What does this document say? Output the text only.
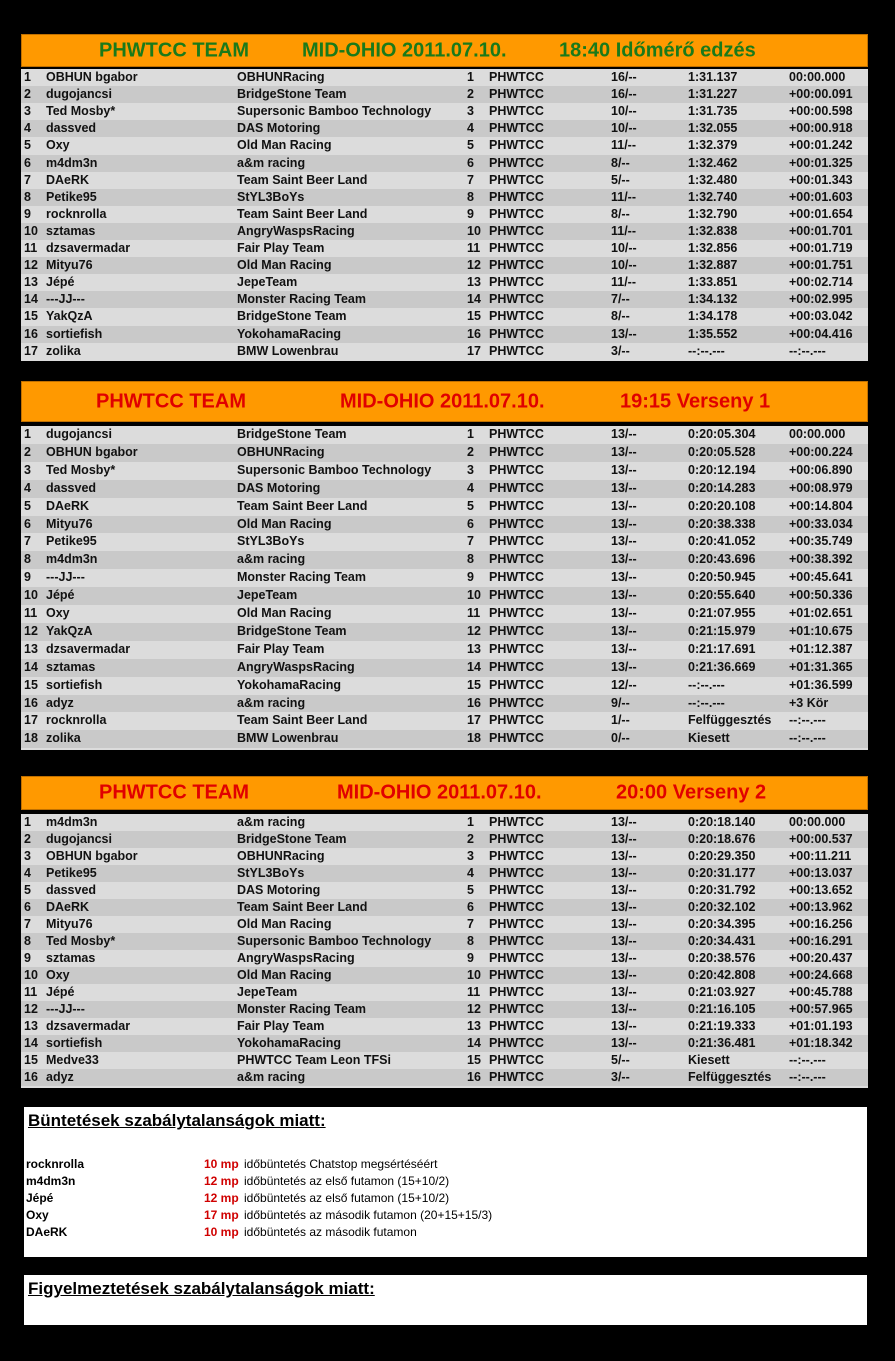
PHWTCC TEAM

	MID-OHIO 2011.07.10.

	18:40 Időmérő edzés

1 OBHUN bgabor	OBHUNRacing	1 PHWTCC	16/--	1:31.137	00:00.000
2 dugojancsi	BridgeStone Team	2 PHWTCC	16/--	1:31.227	+00:00.091
3 Ted Mosby*	Supersonic Bamboo Technology	3 PHWTCC	10/--	1:31.735	+00:00.598
4 dassved	DAS Motoring	4 PHWTCC	10/--	1:32.055	+00:00.918
5 Oxy	Old Man Racing	5 PHWTCC	11/--	1:32.379	+00:01.242
6 m4dm3n	a&m racing	6 PHWTCC	8/--	1:32.462	+00:01.325
7 DAeRK	Team Saint Beer Land	7 PHWTCC	5/--	1:32.480	+00:01.343
8 Petike95	StYL3BoYs	8 PHWTCC	11/--	1:32.740	+00:01.603
9 rocknrolla	Team Saint Beer Land	9 PHWTCC	8/--	1:32.790	+00:01.654
10 sztamas	AngryWaspsRacing	10 PHWTCC	11/--	1:32.838	+00:01.701
11 dzsavermadar	Fair Play Team	11 PHWTCC	10/--	1:32.856	+00:01.719
12 Mityu76	Old Man Racing	12 PHWTCC	10/--	1:32.887	+00:01.751
13 Jépé	JepeTeam	13 PHWTCC	11/--	1:33.851	+00:02.714
14 ---JJ---	Monster Racing Team	14 PHWTCC	7/--	1:34.132	+00:02.995
15 YakQzA	BridgeStone Team	15 PHWTCC	8/--	1:34.178	+00:03.042
16 sortiefish	YokohamaRacing	16 PHWTCC	13/--	1:35.552	+00:04.416
17 zolika	BMW Lowenbrau	17 PHWTCC	3/--	--:--.---	--:--.---

PHWTCC TEAM

	MID-OHIO 2011.07.10.

	19:15 Verseny 1

1 dugojancsi	BridgeStone Team	1 PHWTCC	13/--	0:20:05.304	00:00.000
2 OBHUN bgabor	OBHUNRacing	2 PHWTCC	13/--	0:20:05.528	+00:00.224
3 Ted Mosby*	Supersonic Bamboo Technology	3 PHWTCC	13/--	0:20:12.194	+00:06.890
4 dassved	DAS Motoring	4 PHWTCC	13/--	0:20:14.283	+00:08.979
5 DAeRK	Team Saint Beer Land	5 PHWTCC	13/--	0:20:20.108	+00:14.804
6 Mityu76	Old Man Racing	6 PHWTCC	13/--	0:20:38.338	+00:33.034
7 Petike95	StYL3BoYs	7 PHWTCC	13/--	0:20:41.052	+00:35.749
8 m4dm3n	a&m racing	8 PHWTCC	13/--	0:20:43.696	+00:38.392
9 ---JJ---	Monster Racing Team	9 PHWTCC	13/--	0:20:50.945	+00:45.641
10 Jépé	JepeTeam	10 PHWTCC	13/--	0:20:55.640	+00:50.336
11 Oxy	Old Man Racing	11 PHWTCC	13/--	0:21:07.955	+01:02.651
12 YakQzA	BridgeStone Team	12 PHWTCC	13/--	0:21:15.979	+01:10.675
13 dzsavermadar	Fair Play Team	13 PHWTCC	13/--	0:21:17.691	+01:12.387
14 sztamas	AngryWaspsRacing	14 PHWTCC	13/--	0:21:36.669	+01:31.365
15 sortiefish	YokohamaRacing	15 PHWTCC	12/--	--:--.---	+01:36.599
16 adyz	a&m racing	16 PHWTCC	9/--	--:--.---	+3 Kör
17 rocknrolla	Team Saint Beer Land	17 PHWTCC	1/--	Felfüggesztés --:--.---
18 zolika	BMW Lowenbrau	18 PHWTCC	0/--	Kiesett	--:--.---

PHWTCC TEAM

	MID-OHIO 2011.07.10.

	20:00 Verseny 2

1 m4dm3n	a&m racing	1 PHWTCC	13/--	0:20:18.140	00:00.000
2 dugojancsi	BridgeStone Team	2 PHWTCC	13/--	0:20:18.676	+00:00.537
3 OBHUN bgabor	OBHUNRacing	3 PHWTCC	13/--	0:20:29.350	+00:11.211
4 Petike95	StYL3BoYs	4 PHWTCC	13/--	0:20:31.177	+00:13.037
5 dassved	DAS Motoring	5 PHWTCC	13/--	0:20:31.792	+00:13.652
6 DAeRK	Team Saint Beer Land	6 PHWTCC	13/--	0:20:32.102	+00:13.962
7 Mityu76	Old Man Racing	7 PHWTCC	13/--	0:20:34.395	+00:16.256
8 Ted Mosby*	Supersonic Bamboo Technology	8 PHWTCC	13/--	0:20:34.431	+00:16.291
9 sztamas	AngryWaspsRacing	9 PHWTCC	13/--	0:20:38.576	+00:20.437
10 Oxy	Old Man Racing	10 PHWTCC	13/--	0:20:42.808	+00:24.668
11 Jépé	JepeTeam	11 PHWTCC	13/--	0:21:03.927	+00:45.788
12 ---JJ---	Monster Racing Team	12 PHWTCC	13/--	0:21:16.105	+00:57.965
13 dzsavermadar	Fair Play Team	13 PHWTCC	13/--	0:21:19.333	+01:01.193
14 sortiefish	YokohamaRacing	14 PHWTCC	13/--	0:21:36.481	+01:18.342
15 Medve33	PHWTCC Team Leon TFSi	15 PHWTCC	5/--	Kiesett	--:--.---
16 adyz	a&m racing	16 PHWTCC	3/--	Felfüggesztés --:--.---
Büntetések szabálytalanságok miatt:
rocknrolla	10 mp időbüntetés Chatstop megsértéséért
m4dm3n	12 mp időbüntetés az első futamon (15+10/2)
Jépé	12 mp időbüntetés az első futamon (15+10/2)
Oxy	17 mp időbüntetés az második futamon (20+15+15/3)
DAeRK	10 mp időbüntetés az második futamon
Figyelmeztetések szabálytalanságok miatt:
